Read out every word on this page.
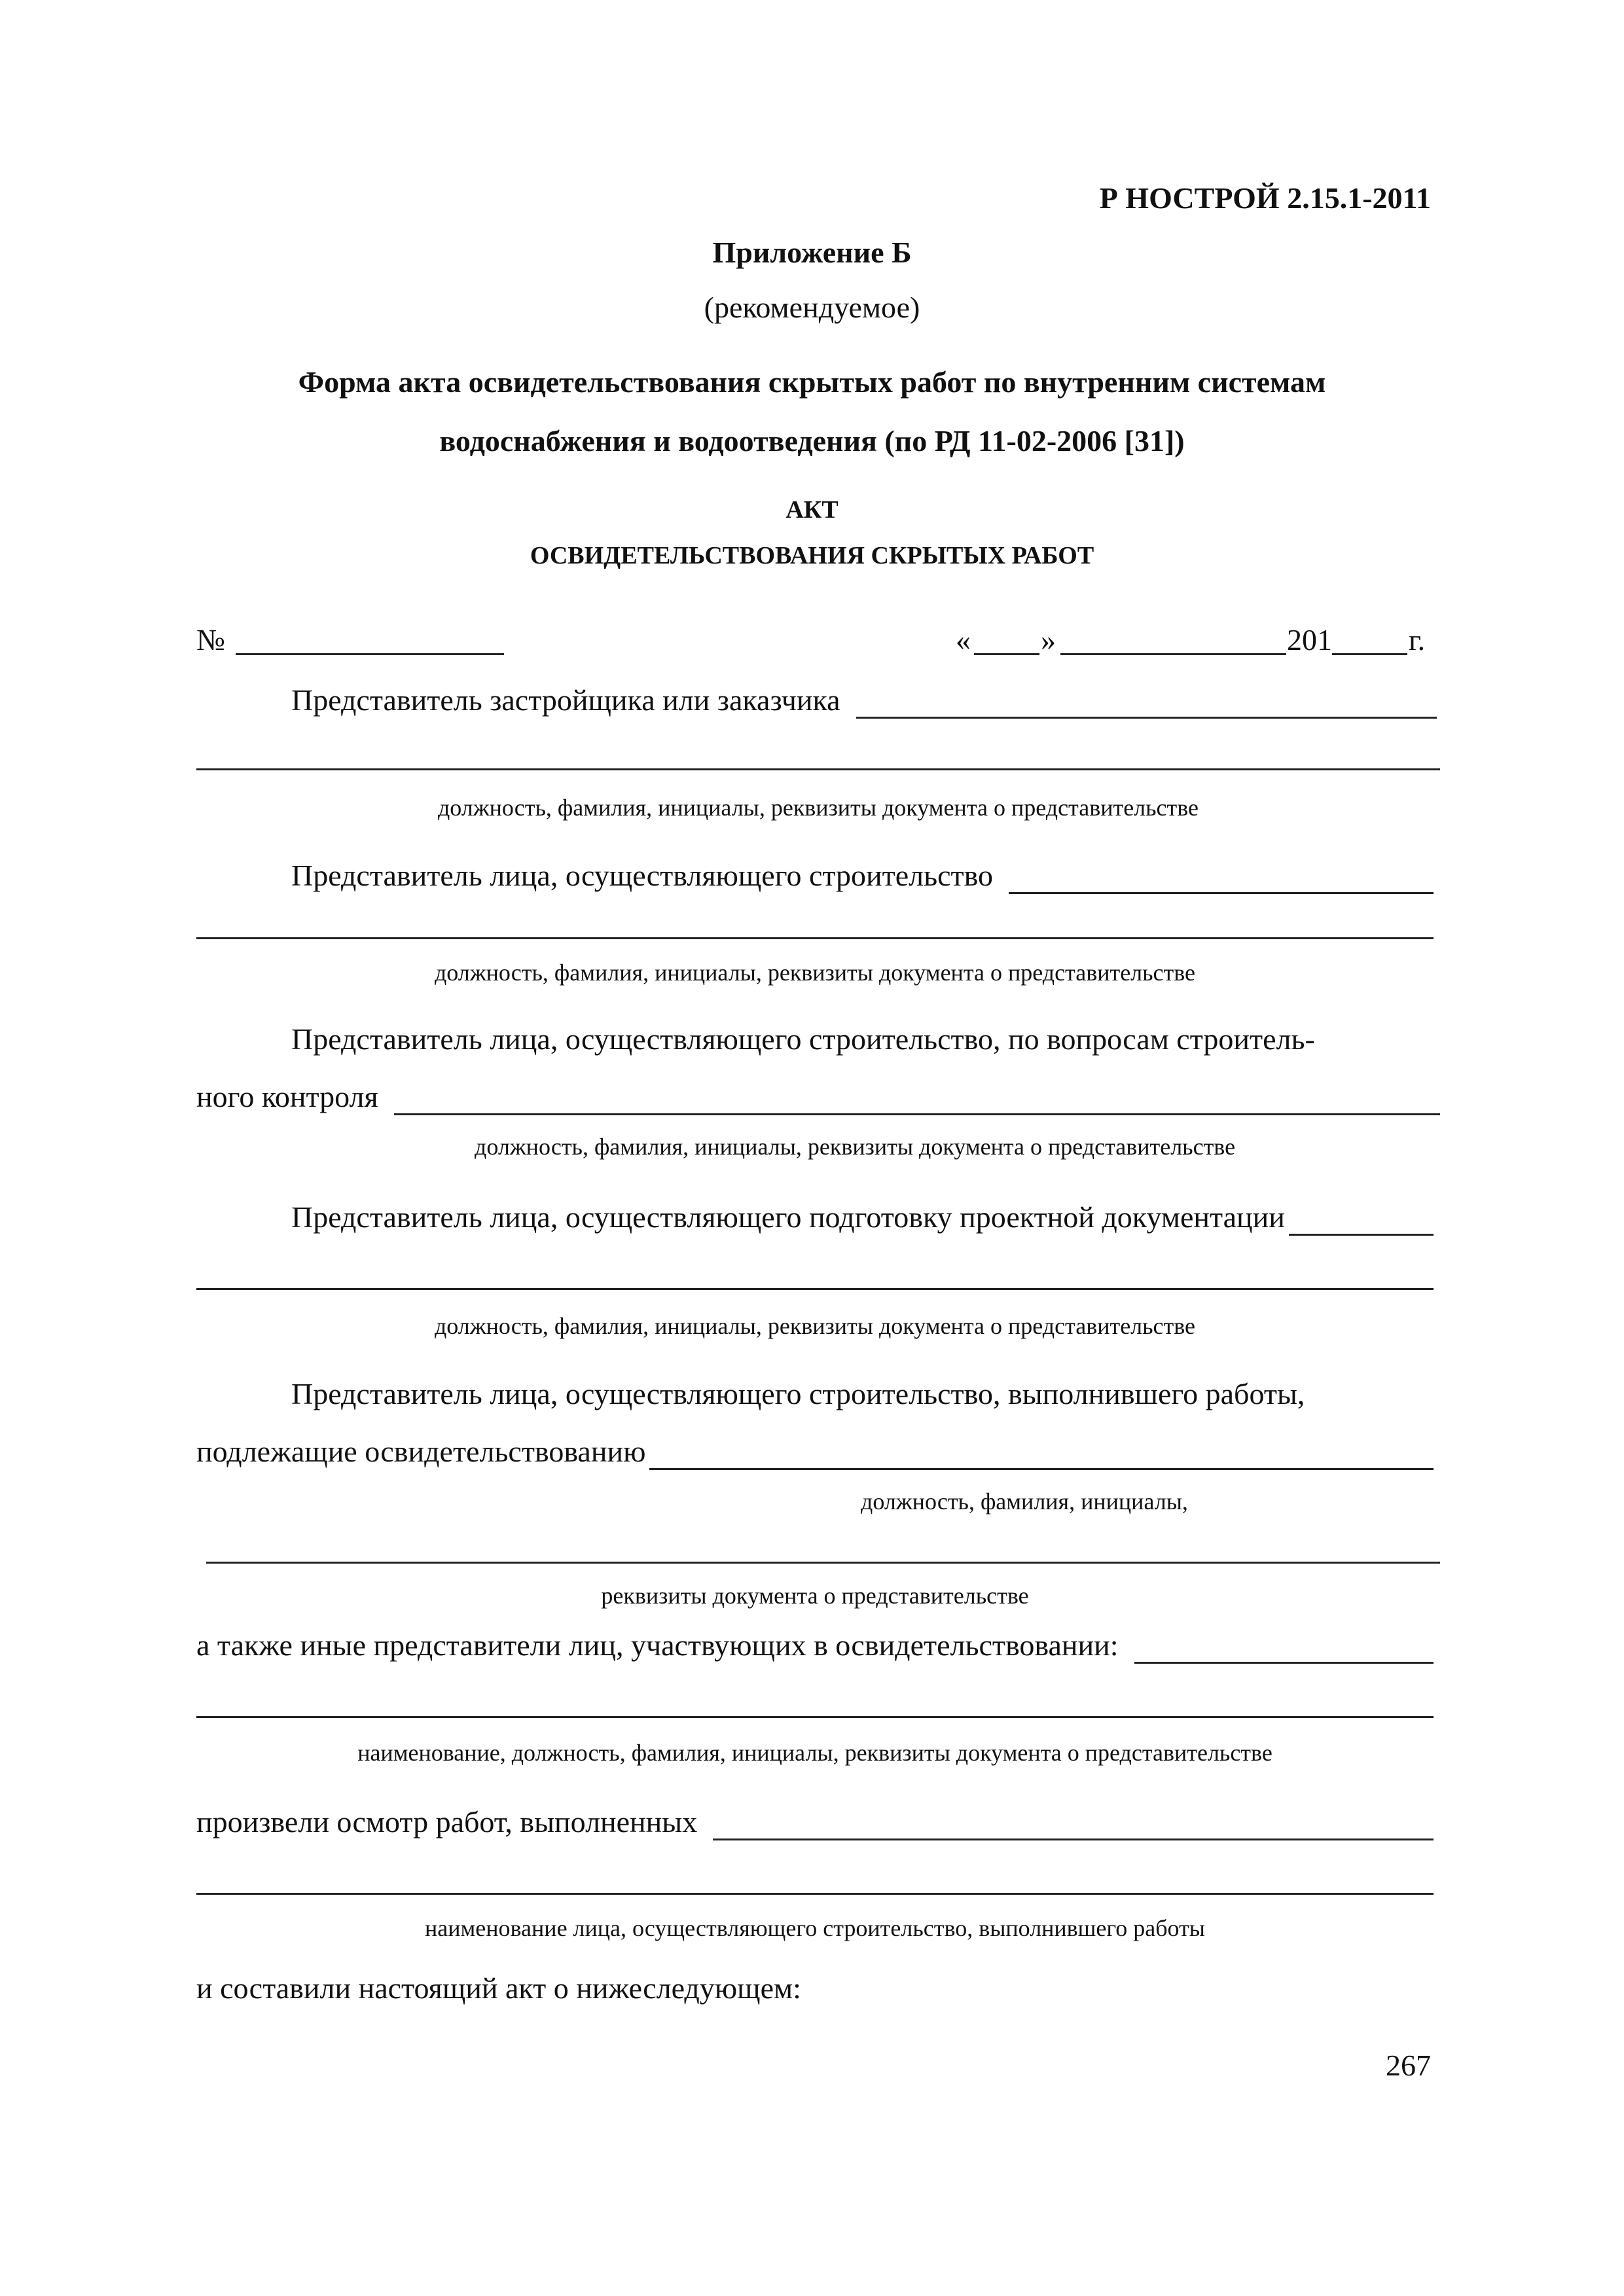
Р НОСТРОЙ 2.15.1-2011
Приложение Б
(рекомендуемое)
Форма акта освидетельствования скрытых работ по внутренним системам
водоснабжения и водоотведения (по РД 11-02-2006 [31])
АКТ
ОСВИДЕТЕЛЬСТВОВАНИЯ СКРЫТЫХ РАБОТ
№	« »	201	г.
Представитель застройщика или заказчика
должность, фамилия, инициалы, реквизиты документа о представительстве
Представитель лица, осуществляющего строительство
должность, фамилия, инициалы, реквизиты документа о представительстве
Представитель лица, осуществляющего строительство, по вопросам строитель-
ного контроля
должность, фамилия, инициалы, реквизиты документа о представительстве
Представитель лица, осуществляющего подготовку проектной документации
должность, фамилия, инициалы, реквизиты документа о представительстве
Представитель лица, осуществляющего строительство, выполнившего работы,
подлежащие освидетельствованию
должность, фамилия, инициалы,
реквизиты документа о представительстве
а также иные представители лиц, участвующих в освидетельствовании:
наименование, должность, фамилия, инициалы, реквизиты документа о представительстве
произвели осмотр работ, выполненных
наименование лица, осуществляющего строительство, выполнившего работы
и составили настоящий акт о нижеследующем:
267
